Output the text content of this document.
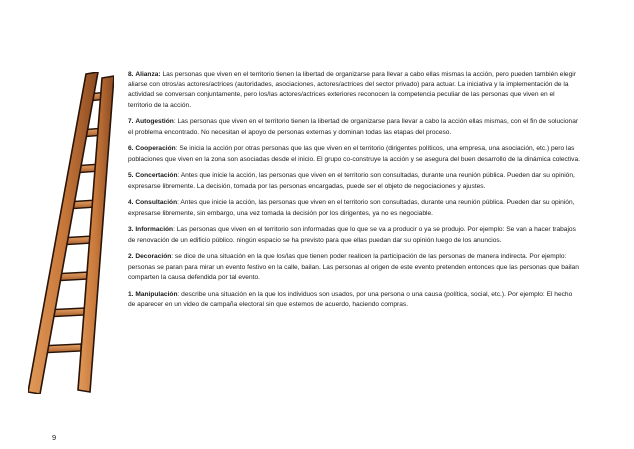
8. Alianza: Las personas que viven en el territorio tienen la libertad de organizarse para llevar a cabo ellas mismas la acción, pero pueden también elegir aliarse con otros/as actores/actrices (autoridades, asociaciones, actores/actrices del sector privado) para actuar. La iniciativa y la implementación de la actividad se conversan conjuntamente, pero los/las actores/actrices exteriores reconocen la competencia peculiar de las personas que viven en el territorio de la acción.

7. Autogestión: Las personas que viven en el territorio tienen la libertad de organizarse para llevar a cabo la acción ellas mismas, con el fin de solucionar el problema encontrado. No necesitan el apoyo de personas externas y dominan todas las etapas del proceso.

6. Cooperación: Se inicia la acción por otras personas que las que viven en el territorio (dirigentes políticos, una empresa, una asociación, etc.) pero las poblaciones que viven en la zona son asociadas desde el inicio. El grupo co-construye la acción y se asegura del buen desarrollo de la dinámica colectiva.

5. Concertación: Antes que inicie la acción, las personas que viven en el territorio son consultadas, durante una reunión pública. Pueden dar su opinión, expresarse libremente. La decisión, tomada por las personas encargadas, puede ser el objeto de negociaciones y ajustes.

4. Consultación: Antes que inicie la acción, las personas que viven en el territorio son consultadas, durante una reunión pública. Pueden dar su opinión, expresarse libremente, sin embargo, una vez tomada la decisión por los dirigentes, ya no es negociable.

3. Información: Las personas que viven en el territorio son informadas que lo que se va a producir o ya se produjo. Por ejemplo: Se van a hacer trabajos de renovación de un edificio público. ningún espacio se ha previsto para que ellas puedan dar su opinión luego de los anuncios.

2. Decoración: se dice de una situación en la que los/las que tienen poder realicen la participación de las personas de manera indirecta. Por ejemplo: personas se paran para mirar un evento festivo en la calle, bailan. Las personas al origen de este evento pretenden entonces que las personas que bailan comparten la causa defendida por tal evento.

1. Manipulación: describe una situación en la que los individuos son usados, por una persona o una causa (política, social, etc.). Por ejemplo: El hecho de aparecer en un video de campaña electoral sin que estemos de acuerdo, haciendo compras.

9
